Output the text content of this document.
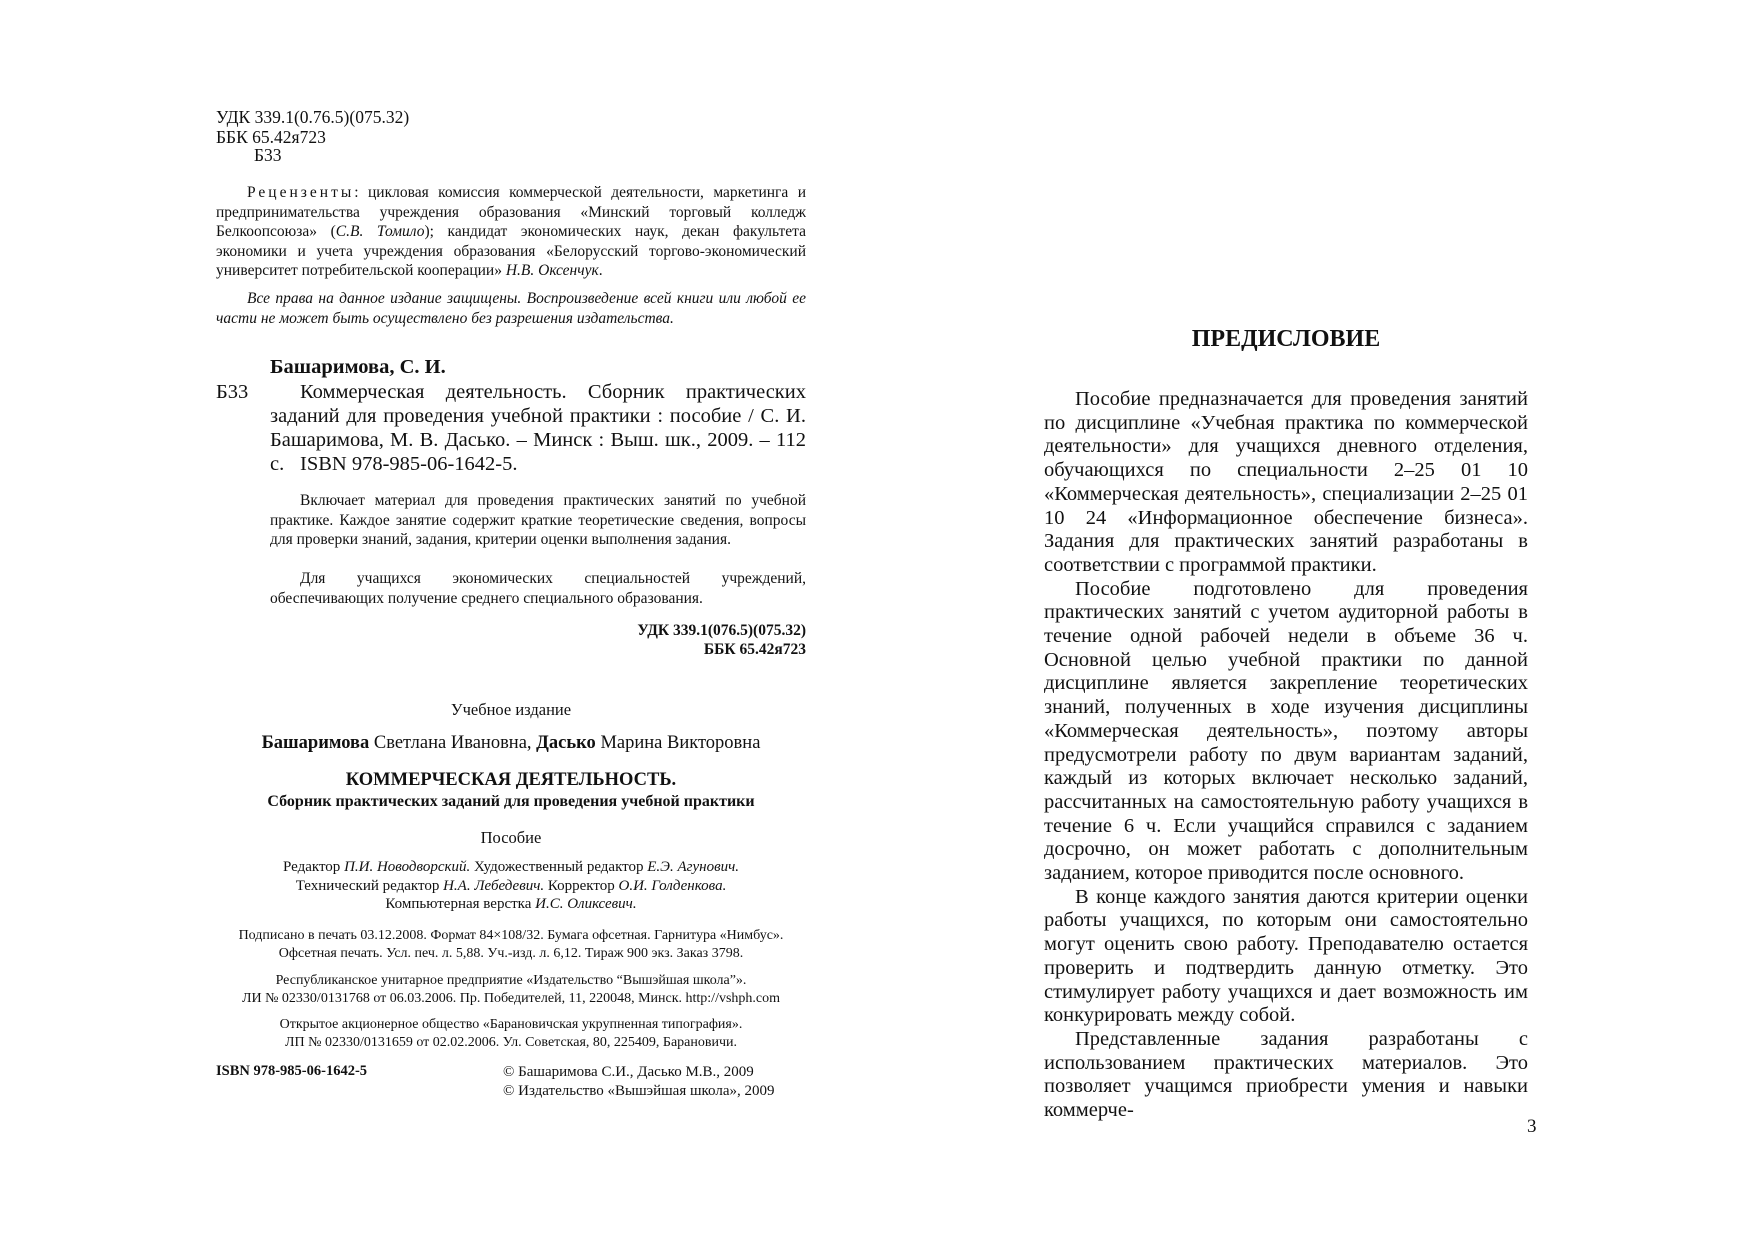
УДК 339.1(0.76.5)(075.32)
ББК 65.42я723
Б33
Рецензенты: цикловая комиссия коммерческой деятельности, маркетинга и предпринимательства учреждения образования «Минский торговый колледж Белкоопсоюза» (С.В. Томило); кандидат экономических наук, декан факультета экономики и учета учреждения образования «Белорусский торгово-экономический университет потребительской кооперации» Н.В. Оксенчук.
Все права на данное издание защищены. Воспроизведение всей книги или любой ее части не может быть осуществлено без разрешения издательства.
Башаримова, С. И.
Б33	Коммерческая деятельность. Сборник практических заданий для проведения учебной практики : пособие / С. И. Башаримова, М. В. Дасько. – Минск : Выш. шк., 2009. – 112 с. ISBN 978-985-06-1642-5.
Включает материал для проведения практических занятий по учебной практике. Каждое занятие содержит краткие теоретические сведения, вопросы для проверки знаний, задания, критерии оценки выполнения задания.
Для учащихся экономических специальностей учреждений, обеспечивающих получение среднего специального образования.
УДК 339.1(076.5)(075.32)
ББК 65.42я723
Учебное издание
Башаримова Светлана Ивановна, Дасько Марина Викторовна
КОММЕРЧЕСКАЯ ДЕЯТЕЛЬНОСТЬ.
Сборник практических заданий для проведения учебной практики
Пособие
Редактор П.И. Новодворский. Художественный редактор Е.Э. Агунович.
Технический редактор Н.А. Лебедевич. Корректор О.И. Голденкова.
Компьютерная верстка И.С. Оликсевич.
Подписано в печать 03.12.2008. Формат 84×108/32. Бумага офсетная. Гарнитура «Нимбус».
Офсетная печать. Усл. печ. л. 5,88. Уч.-изд. л. 6,12. Тираж 900 экз. Заказ 3798.
Республиканское унитарное предприятие «Издательство “Вышэйшая школа”».
ЛИ № 02330/0131768 от 06.03.2006. Пр. Победителей, 11, 220048, Минск. http://vshph.com
Открытое акционерное общество «Барановичская укрупненная типография».
ЛП № 02330/0131659 от 02.02.2006. Ул. Советская, 80, 225409, Барановичи.
ISBN 978-985-06-1642-5	© Башаримова С.И., Дасько М.В., 2009
© Издательство «Вышэйшая школа», 2009
ПРЕДИСЛОВИЕ

Пособие предназначается для проведения занятий по дисциплине «Учебная практика по коммерческой деятельности» для учащихся дневного отделения, обучающихся по специальности 2–25 01 10 «Коммерческая деятельность», специализации 2–25 01 10 24 «Информационное обеспечение бизнеса». Задания для практических занятий разработаны в соответствии с программой практики.

Пособие подготовлено для проведения практических занятий с учетом аудиторной работы в течение одной рабочей недели в объеме 36 ч. Основной целью учебной практики по данной дисциплине является закрепление теоретических знаний, полученных в ходе изучения дисциплины «Коммерческая деятельность», поэтому авторы предусмотрели работу по двум вариантам заданий, каждый из которых включает несколько заданий, рассчитанных на самостоятельную работу учащихся в течение 6 ч. Если учащийся справился с заданием досрочно, он может работать с дополнительным заданием, которое приводится после основного.

В конце каждого занятия даются критерии оценки работы учащихся, по которым они самостоятельно могут оценить свою работу. Преподавателю остается проверить и подтвердить данную отметку. Это стимулирует работу учащихся и дает возможность им конкурировать между собой.

Представленные задания разработаны с использованием практических материалов. Это позволяет учащимся приобрести умения и навыки коммерче-

3
